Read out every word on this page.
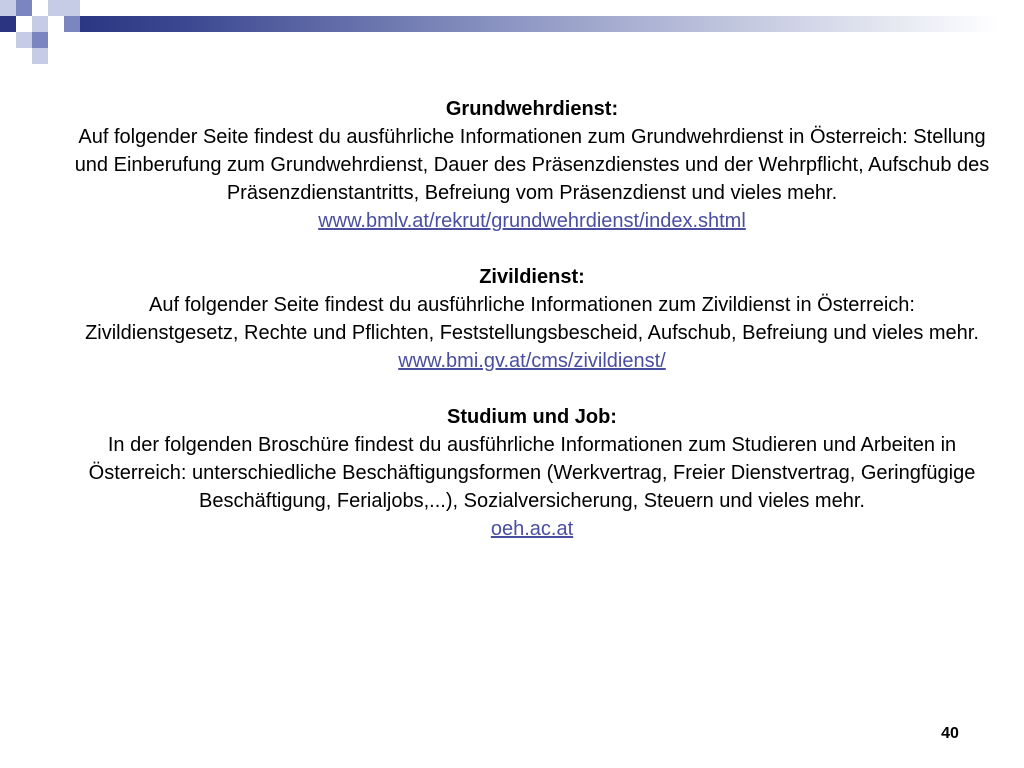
Grundwehrdienst:
Auf folgender Seite findest du ausführliche Informationen zum Grundwehrdienst in Österreich: Stellung und Einberufung zum Grundwehrdienst, Dauer des Präsenzdienstes und der Wehrpflicht, Aufschub des Präsenzdienstantritts, Befreiung vom Präsenzdienst und vieles mehr.
www.bmlv.at/rekrut/grundwehrdienst/index.shtml
Zivildienst:
Auf folgender Seite findest du ausführliche Informationen zum Zivildienst in Österreich: Zivildienstgesetz, Rechte und Pflichten, Feststellungsbescheid, Aufschub, Befreiung und vieles mehr.
www.bmi.gv.at/cms/zivildienst/
Studium und Job:
In der folgenden Broschüre findest du ausführliche Informationen zum Studieren und Arbeiten in Österreich: unterschiedliche Beschäftigungsformen (Werkvertrag, Freier Dienstvertrag, Geringfügige Beschäftigung, Ferialjobs,...), Sozialversicherung, Steuern und vieles mehr.
oeh.ac.at
40
